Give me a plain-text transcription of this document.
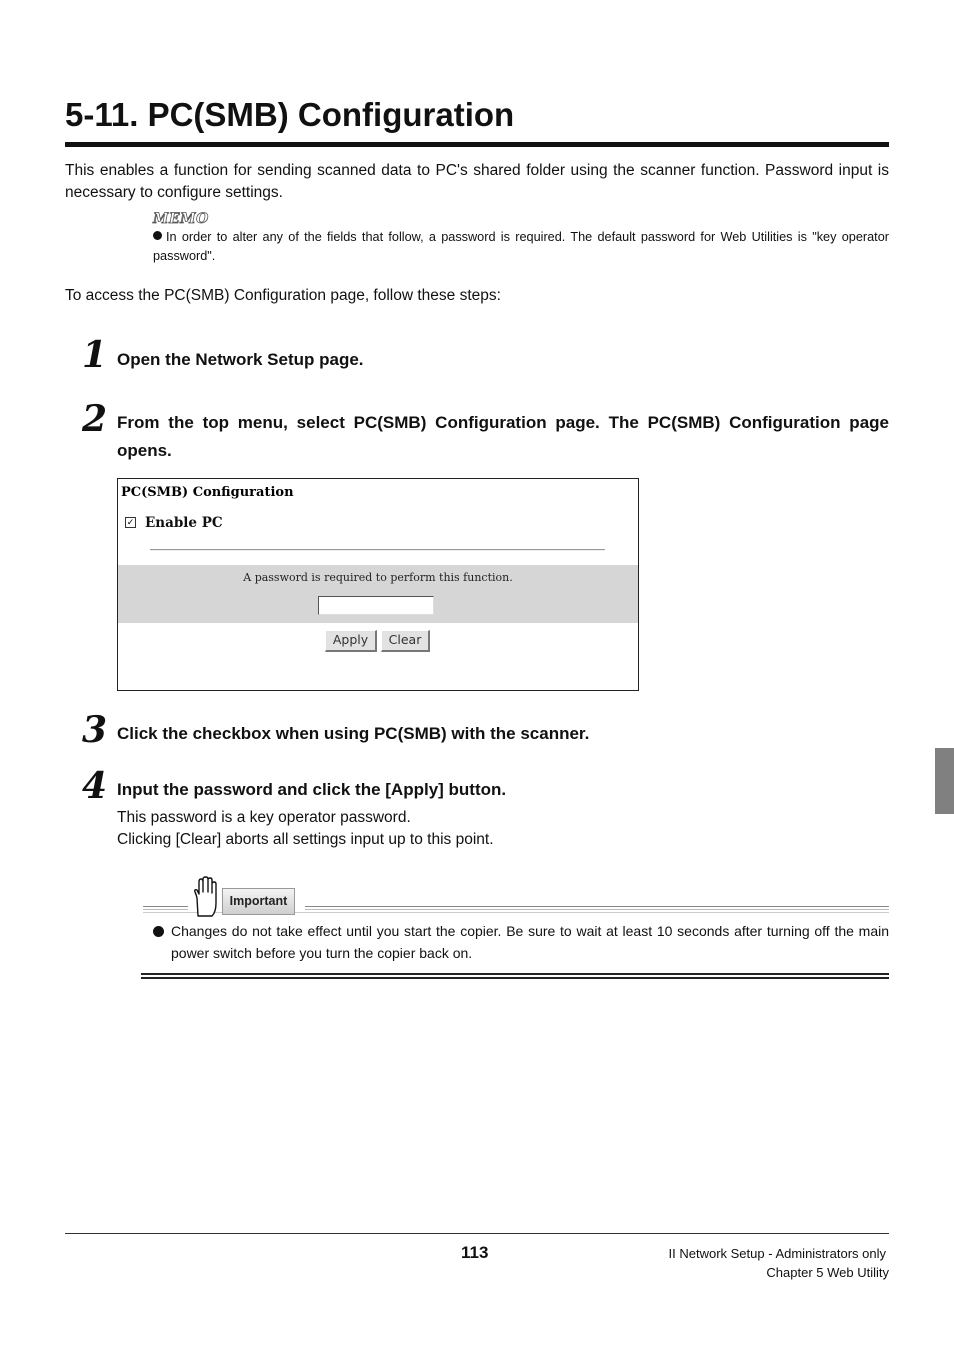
5-11. PC(SMB) Configuration
This enables a function for sending scanned data to PC's shared folder using the scanner function. Password input is necessary to configure settings.
MEMO
In order to alter any of the fields that follow, a password is required. The default password for Web Utilities is "key operator password".
To access the PC(SMB) Configuration page, follow these steps:
1 Open the Network Setup page.
2 From the top menu, select PC(SMB) Configuration page. The PC(SMB) Configuration page opens.
PC(SMB) Configuration
✓ Enable PC
A password is required to perform this function.
Apply	Clear
3 Click the checkbox when using PC(SMB) with the scanner.
4 Input the password and click the [Apply] button.
This password is a key operator password.
Clicking [Clear] aborts all settings input up to this point.
Important
Changes do not take effect until you start the copier. Be sure to wait at least 10 seconds after turning off the main power switch before you turn the copier back on.
113	II Network Setup - Administrators only
Chapter 5 Web Utility
